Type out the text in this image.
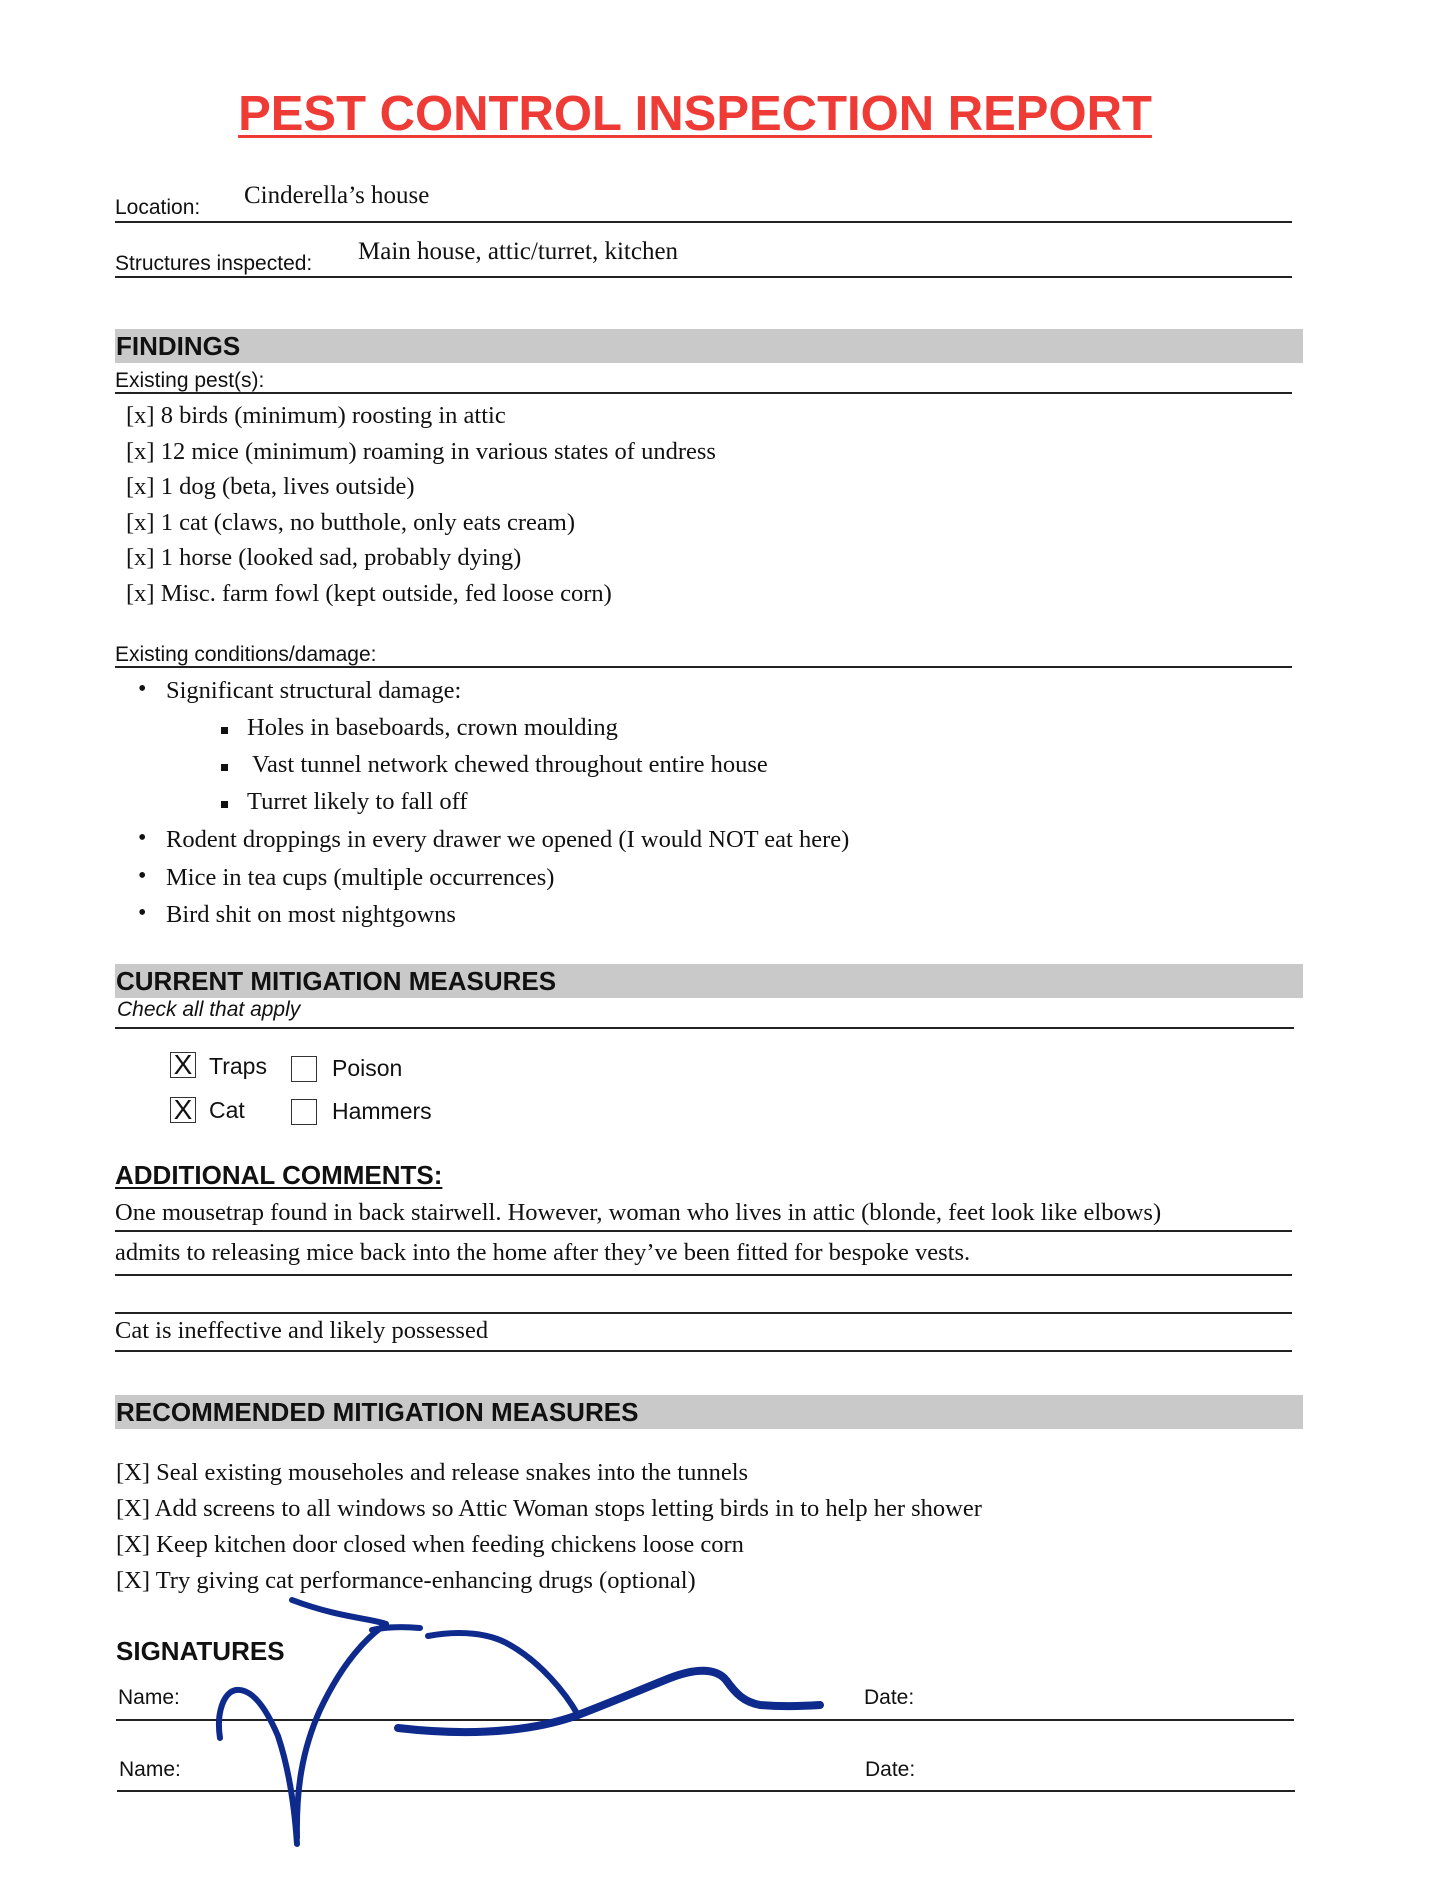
PEST CONTROL INSPECTION REPORT
Location: Cinderella’s house
Structures inspected: Main house, attic/turret, kitchen
FINDINGS
Existing pest(s):
[x] 8 birds (minimum) roosting in attic
[x] 12 mice (minimum) roaming in various states of undress
[x] 1 dog (beta, lives outside)
[x] 1 cat (claws, no butthole, only eats cream)
[x] 1 horse (looked sad, probably dying)
[x] Misc. farm fowl (kept outside, fed loose corn)
Existing conditions/damage:
• Significant structural damage:
Holes in baseboards, crown moulding
Vast tunnel network chewed throughout entire house
Turret likely to fall off
• Rodent droppings in every drawer we opened (I would NOT eat here)
• Mice in tea cups (multiple occurrences)
• Bird shit on most nightgowns
CURRENT MITIGATION MEASURES
Check all that apply
X Traps	Poison
X Cat	Hammers
ADDITIONAL COMMENTS:
One mousetrap found in back stairwell. However, woman who lives in attic (blonde, feet look like elbows)
admits to releasing mice back into the home after they’ve been fitted for bespoke vests.
Cat is ineffective and likely possessed
RECOMMENDED MITIGATION MEASURES
[X] Seal existing mouseholes and release snakes into the tunnels
[X] Add screens to all windows so Attic Woman stops letting birds in to help her shower
[X] Keep kitchen door closed when feeding chickens loose corn
[X] Try giving cat performance-enhancing drugs (optional)
SIGNATURES
Name:	Date:
Name:	Date:
